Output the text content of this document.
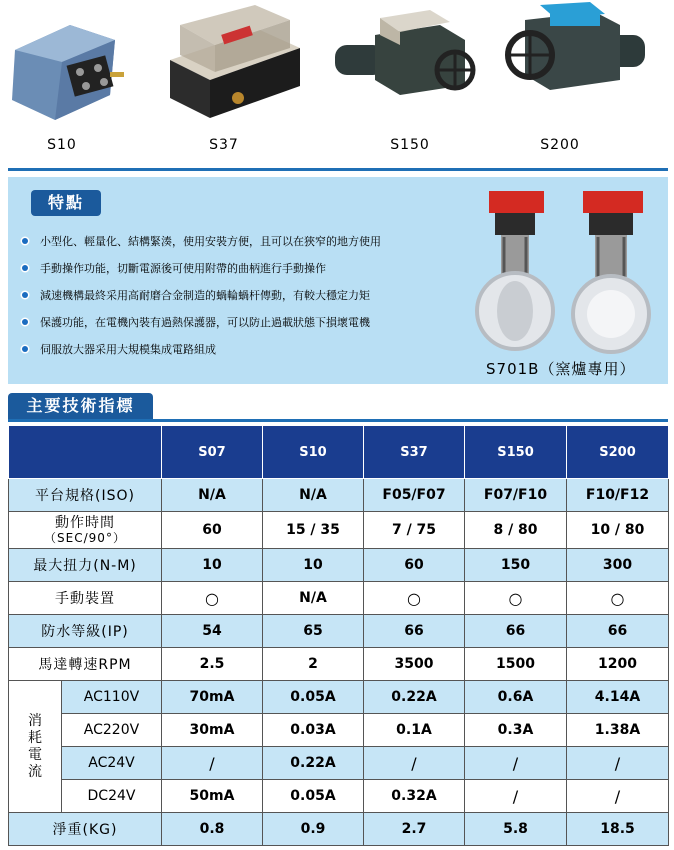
S10	S37	S150	S200
特點
小型化、輕量化、結構緊湊，使用安裝方便，且可以在狹窄的地方使用
手動操作功能，切斷電源後可使用附帶的曲柄進行手動操作
減速機構最終采用高耐磨合金制造的蝸輪蝸杆傳動，有較大穩定力矩
保護功能，在電機內裝有過熱保護器，可以防止過載狀態下損壞電機
伺服放大器采用大規模集成電路組成
S701B（窯爐專用）
主要技術指標
		S07	S10	S37	S150	S200
平台規格(ISO)		N/A	N/A	F05/F07	F07/F10	F10/F12

動作時間
（SEC/90°）		60	15 / 35	7 / 75	8 / 80	10 / 80
最大扭力(N-M)		10	10	60	150	300
手動裝置		○	N/A	○	○	○
防水等級(IP)		54	65	66	66	66
馬達轉速RPM		2.5	2	3500	1500	1200
消耗電流	AC110V	70mA	0.05A	0.22A	0.6A	4.14A
	AC220V	30mA	0.03A	0.1A	0.3A	1.38A
	AC24V	/	0.22A	/	/	/
	DC24V	50mA	0.05A	0.32A	/	/
淨重(KG)		0.8	0.9	2.7	5.8	18.5
